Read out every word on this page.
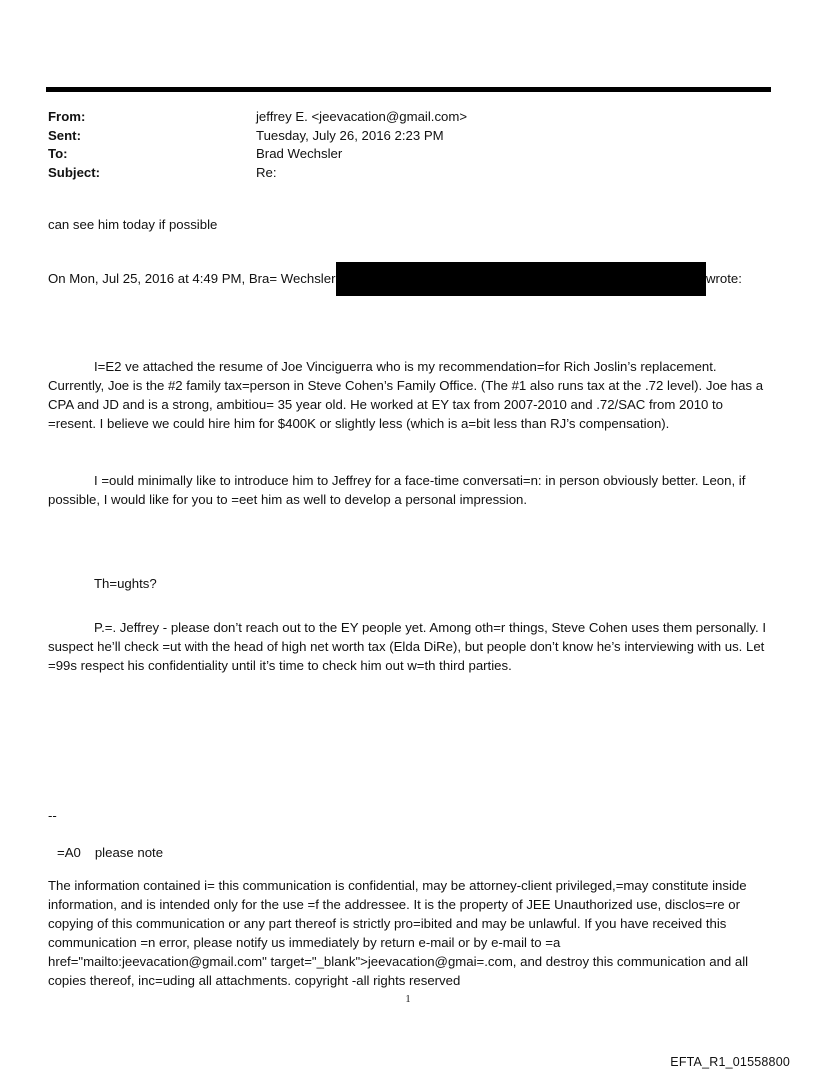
From:	jeffrey E. <jeevacation@gmail.com>
Sent:	Tuesday, July 26, 2016 2:23 PM
To:	Brad Wechsler
Subject:	Re:

can see him today if possible

On Mon, Jul 25, 2016 at 4:49 PM, Bra= Wechsler	wrote:

I=E2 ve attached the resume of Joe Vinciguerra who is my recommendation=for Rich Joslin’s replacement. Currently, Joe is the #2 family tax=person in Steve Cohen’s Family Office. (The #1 also runs tax at the .72 level). Joe has a CPA and JD and is a strong, ambitiou= 35 year old. He worked at EY tax from 2007-2010 and .72/SAC from 2010 to =resent. I believe we could hire him for $400K or slightly less (which is a=bit less than RJ’s compensation).

I =ould minimally like to introduce him to Jeffrey for a face-time conversati=n: in person obviously better. Leon, if possible, I would like for you to =eet him as well to develop a personal impression.

Th=ughts?

P.=. Jeffrey - please don’t reach out to the EY people yet. Among oth=r things, Steve Cohen uses them personally. I suspect he’ll check =ut with the head of high net worth tax (Elda DiRe), but people don’t know he’s interviewing with us. Let =99s respect his confidentiality until it’s time to check him out w=th third parties.

--

=A0 please note

The information contained i= this communication is confidential, may be attorney-client privileged,=may constitute inside information, and is intended only for the use =f the addressee. It is the property of JEE Unauthorized use, disclos=re or copying of this communication or any part thereof is strictly pro=ibited and may be unlawful. If you have received this communication =n error, please notify us immediately by return e-mail or by e-mail to =a href="mailto:jeevacation@gmail.com" target="_blank">jeevacation@gmai=.com, and destroy this communication and all copies thereof, inc=uding all attachments. copyright -all rights reserved

1
EFTA_R1_01558800
